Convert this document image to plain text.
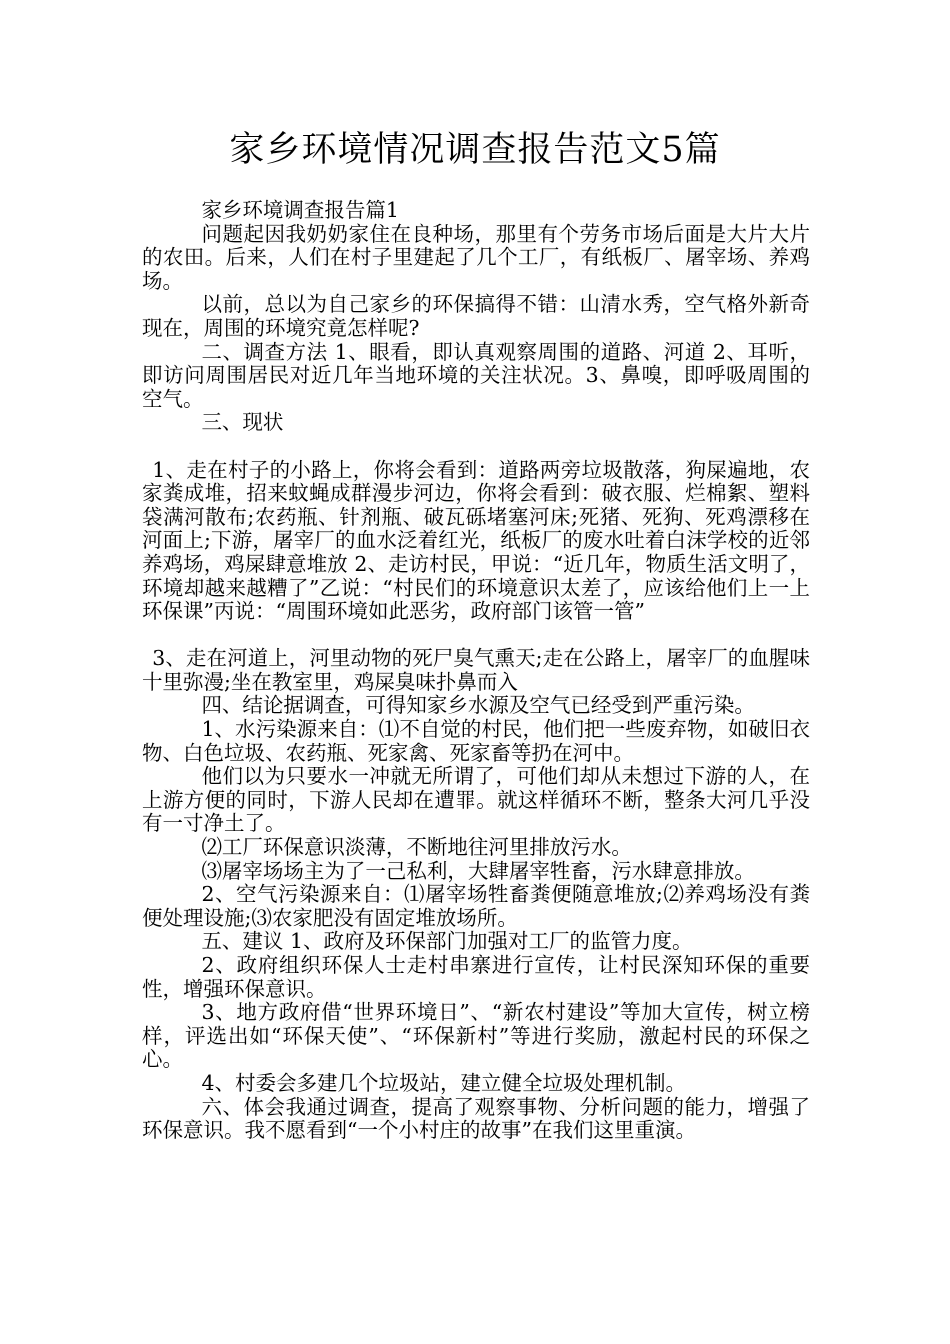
家乡环境情况调查报告范文5篇

家乡环境调查报告篇1

问题起因我奶奶家住在良种场，那里有个劳务市场后面是大片大片的农田。后来，人们在村子里建起了几个工厂，有纸板厂、屠宰场、养鸡场。

以前，总以为自己家乡的环保搞得不错：山清水秀，空气格外新奇现在，周围的环境究竟怎样呢?

二、调查方法 1、眼看，即认真观察周围的道路、河道 2、耳听，即访问周围居民对近几年当地环境的关注状况。3、鼻嗅，即呼吸周围的空气。

三、现状

1、走在村子的小路上，你将会看到：道路两旁垃圾散落，狗屎遍地，农家粪成堆，招来蚊蝇成群漫步河边，你将会看到：破衣服、烂棉絮、塑料袋满河散布;农药瓶、针剂瓶、破瓦砾堵塞河床;死猪、死狗、死鸡漂移在河面上;下游，屠宰厂的血水泛着红光，纸板厂的废水吐着白沫学校的近邻养鸡场，鸡屎肆意堆放 2、走访村民，甲说：“近几年，物质生活文明了，环境却越来越糟了”乙说：“村民们的环境意识太差了，应该给他们上一上环保课”丙说：“周围环境如此恶劣，政府部门该管一管”

3、走在河道上，河里动物的死尸臭气熏天;走在公路上，屠宰厂的血腥味十里弥漫;坐在教室里，鸡屎臭味扑鼻而入

四、结论据调查，可得知家乡水源及空气已经受到严重污染。

1、水污染源来自：⑴不自觉的村民，他们把一些废弃物，如破旧衣物、白色垃圾、农药瓶、死家禽、死家畜等扔在河中。

他们以为只要水一冲就无所谓了，可他们却从未想过下游的人，在上游方便的同时，下游人民却在遭罪。就这样循环不断，整条大河几乎没有一寸净土了。

⑵工厂环保意识淡薄，不断地往河里排放污水。

⑶屠宰场场主为了一己私利，大肆屠宰牲畜，污水肆意排放。

2、空气污染源来自：⑴屠宰场牲畜粪便随意堆放;⑵养鸡场没有粪便处理设施;⑶农家肥没有固定堆放场所。

五、建议 1、政府及环保部门加强对工厂的监管力度。

2、政府组织环保人士走村串寨进行宣传，让村民深知环保的重要性，增强环保意识。

3、地方政府借“世界环境日”、“新农村建设”等加大宣传，树立榜样，评选出如“环保天使”、“环保新村”等进行奖励，激起村民的环保之心。

4、村委会多建几个垃圾站，建立健全垃圾处理机制。

六、体会我通过调查，提高了观察事物、分析问题的能力，增强了环保意识。我不愿看到“一个小村庄的故事”在我们这里重演。
